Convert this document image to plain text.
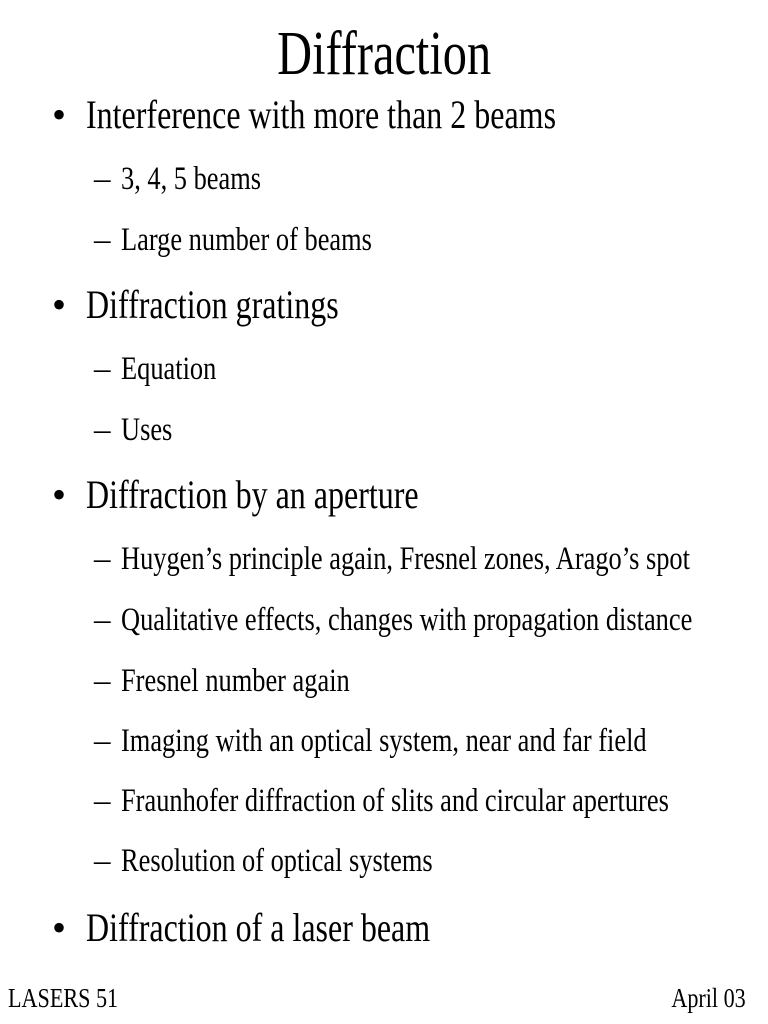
Diffraction
• Interference with more than 2 beams
– 3, 4, 5 beams
– Large number of beams
• Diffraction gratings
– Equation
– Uses
• Diffraction by an aperture
– Huygen’s principle again, Fresnel zones, Arago’s spot
– Qualitative effects, changes with propagation distance
– Fresnel number again
– Imaging with an optical system, near and far field
– Fraunhofer diffraction of slits and circular apertures
– Resolution of optical systems
• Diffraction of a laser beam
LASERS 51	April 03
